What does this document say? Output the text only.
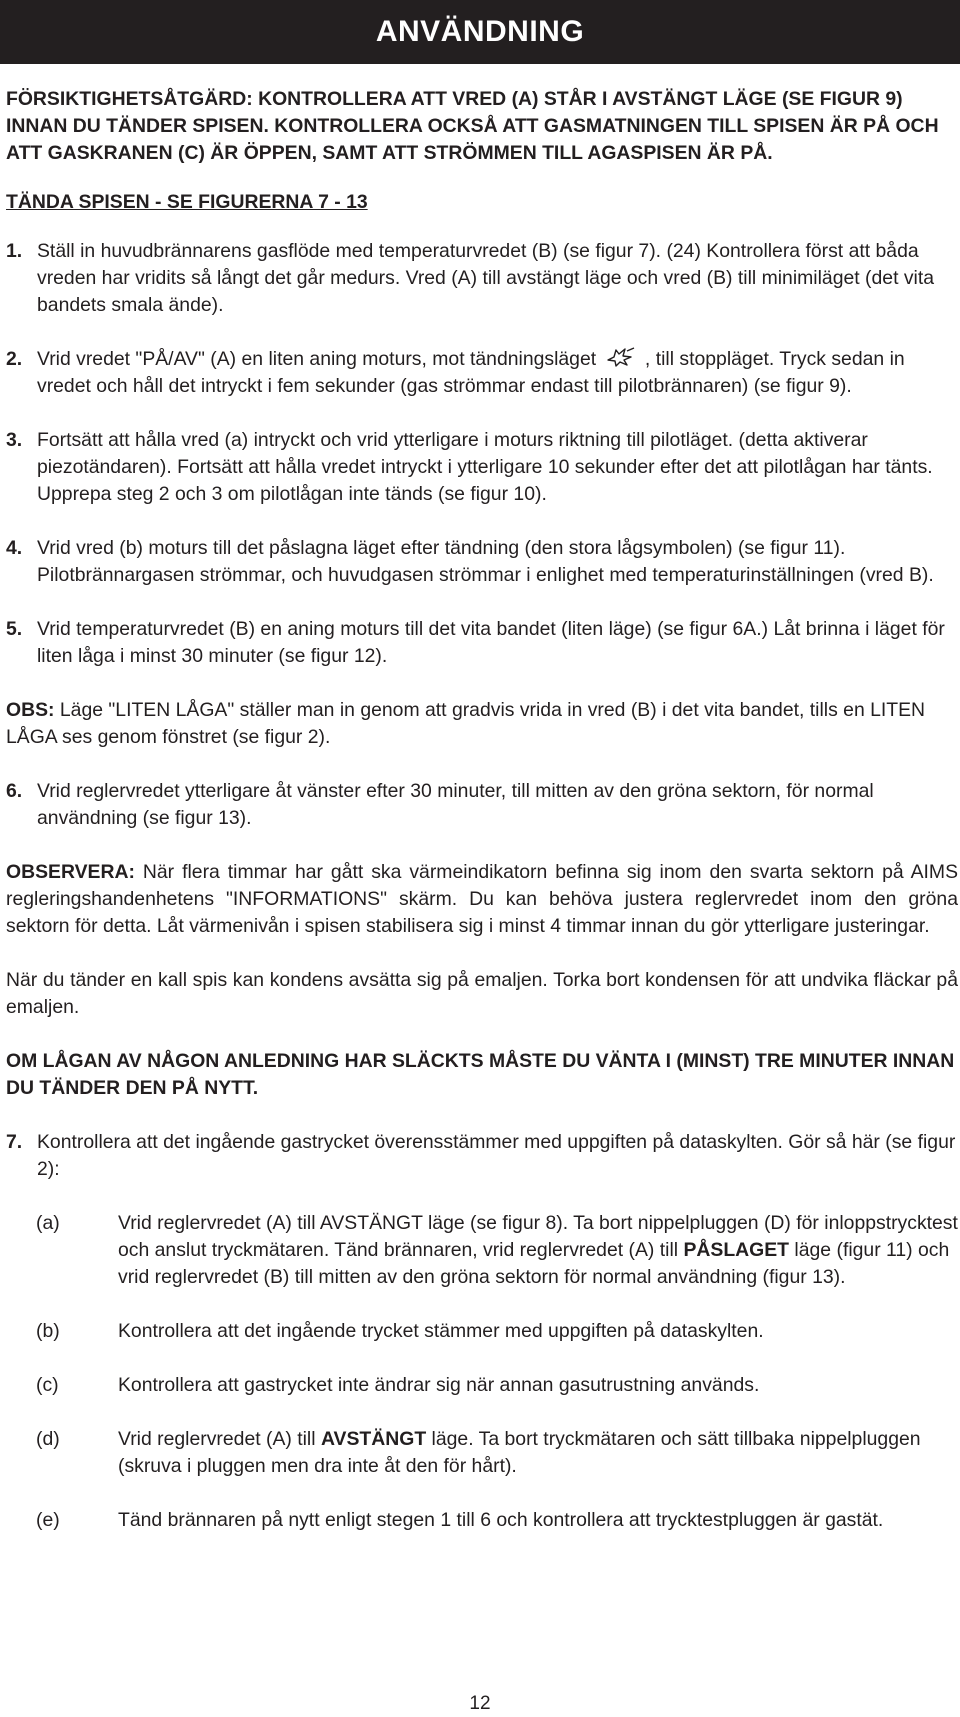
ANVÄNDNING

FÖRSIKTIGHETSÅTGÄRD: KONTROLLERA ATT VRED (A) STÅR I AVSTÄNGT LÄGE (SE FIGUR 9) INNAN DU TÄNDER SPISEN. KONTROLLERA OCKSÅ ATT GASMATNINGEN TILL SPISEN ÄR PÅ OCH ATT GASKRANEN (C) ÄR ÖPPEN, SAMT ATT STRÖMMEN TILL AGASPISEN ÄR PÅ.

TÄNDA SPISEN - SE FIGURERNA 7 - 13

1. Ställ in huvudbrännarens gasflöde med temperaturvredet (B) (se figur 7). (24) Kontrollera först att båda vreden har vridits så långt det går medurs. Vred (A) till avstängt läge och vred (B) till minimiläget (det vita bandets smala ände).
2. Vrid vredet "PÅ/AV" (A) en liten aning moturs, mot tändningsläget	, till stoppläget. Tryck sedan in vredet och håll det intryckt i fem sekunder (gas strömmar endast till pilotbrännaren) (se figur 9).
3. Fortsätt att hålla vred (a) intryckt och vrid ytterligare i moturs riktning till pilotläget. (detta aktiverar piezotändaren). Fortsätt att hålla vredet intryckt i ytterligare 10 sekunder efter det att pilotlågan har tänts. Upprepa steg 2 och 3 om pilotlågan inte tänds (se figur 10).
4. Vrid vred (b) moturs till det påslagna läget efter tändning (den stora lågsymbolen) (se figur 11). Pilotbrännargasen strömmar, och huvudgasen strömmar i enlighet med temperaturinställningen (vred B).
5. Vrid temperaturvredet (B) en aning moturs till det vita bandet (liten läge) (se figur 6A.) Låt brinna i läget för liten låga i minst 30 minuter (se figur 12).

OBS: Läge "LITEN LÅGA" ställer man in genom att gradvis vrida in vred (B) i det vita bandet, tills en LITEN LÅGA ses genom fönstret (se figur 2).

6. Vrid reglervredet ytterligare åt vänster efter 30 minuter, till mitten av den gröna sektorn, för normal användning (se figur 13).

OBSERVERA: När flera timmar har gått ska värmeindikatorn befinna sig inom den svarta sektorn på AIMS regleringshandenhetens "INFORMATIONS" skärm. Du kan behöva justera reglervredet inom den gröna sektorn för detta. Låt värmenivån i spisen stabilisera sig i minst 4 timmar innan du gör ytterligare justeringar.

När du tänder en kall spis kan kondens avsätta sig på emaljen. Torka bort kondensen för att undvika fläckar på emaljen.

OM LÅGAN AV NÅGON ANLEDNING HAR SLÄCKTS MÅSTE DU VÄNTA I (MINST) TRE MINUTER INNAN DU TÄNDER DEN PÅ NYTT.

7. Kontrollera att det ingående gastrycket överensstämmer med uppgiften på dataskylten. Gör så här (se figur 2):
(a)	Vrid reglervredet (A) till AVSTÄNGT läge (se figur 8). Ta bort nippelpluggen (D) för inloppstrycktest och anslut tryckmätaren. Tänd brännaren, vrid reglervredet (A) till PÅSLAGET läge (figur 11) och vrid reglervredet (B) till mitten av den gröna sektorn för normal användning (figur 13).
(b)	Kontrollera att det ingående trycket stämmer med uppgiften på dataskylten.
(c)	Kontrollera att gastrycket inte ändrar sig när annan gasutrustning används.
(d)	Vrid reglervredet (A) till AVSTÄNGT läge. Ta bort tryckmätaren och sätt tillbaka nippelpluggen (skruva i pluggen men dra inte åt den för hårt).
(e)	Tänd brännaren på nytt enligt stegen 1 till 6 och kontrollera att trycktestpluggen är gastät.
12
